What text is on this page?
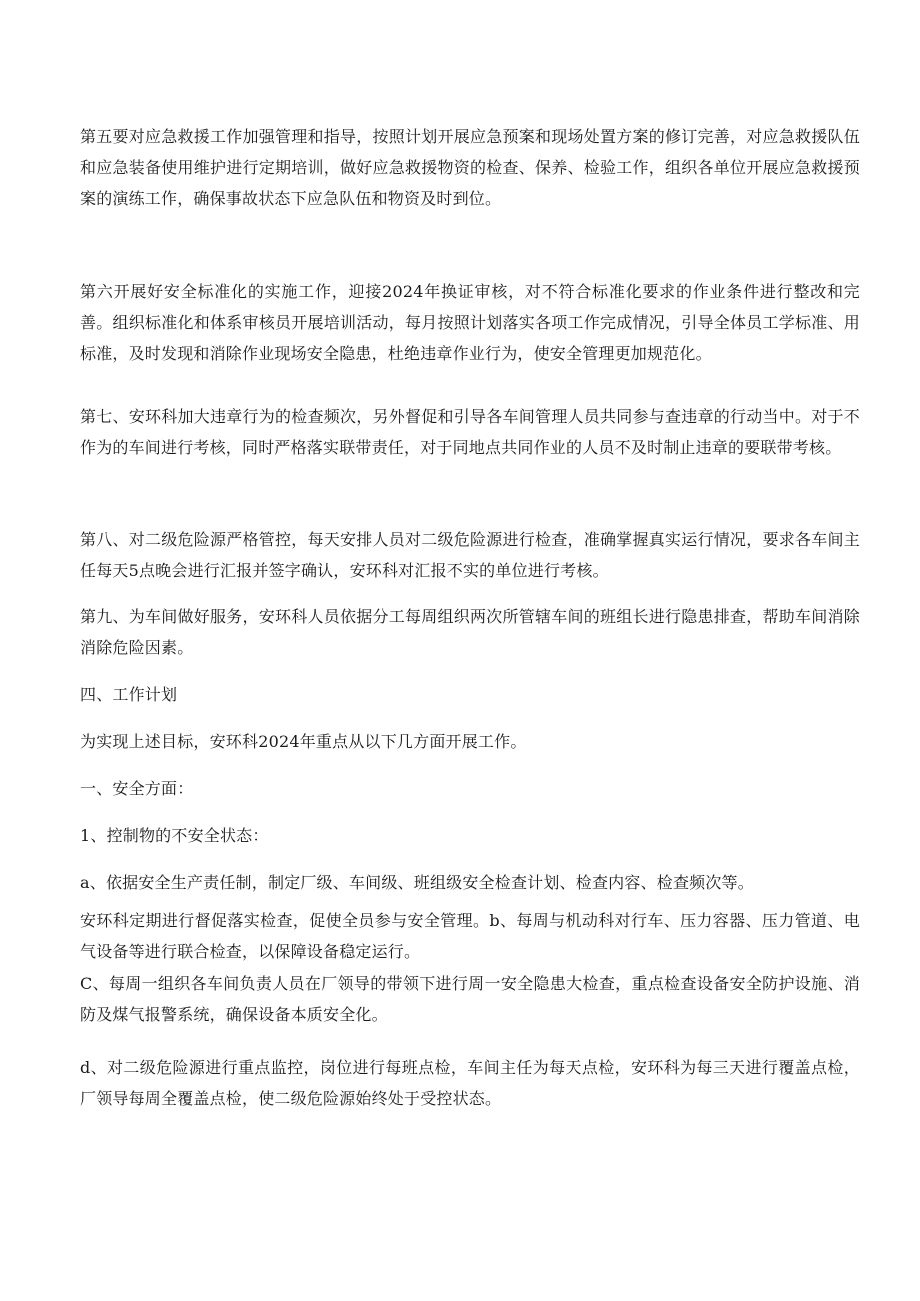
第五要对应急救援工作加强管理和指导，按照计划开展应急预案和现场处置方案的修订完善，对应急救援队伍和应急装备使用维护进行定期培训，做好应急救援物资的检查、保养、检验工作，组织各单位开展应急救援预案的演练工作，确保事故状态下应急队伍和物资及时到位。

第六开展好安全标准化的实施工作，迎接2024年换证审核，对不符合标准化要求的作业条件进行整改和完善。组织标准化和体系审核员开展培训活动，每月按照计划落实各项工作完成情况，引导全体员工学标准、用标准，及时发现和消除作业现场安全隐患，杜绝违章作业行为，使安全管理更加规范化。

第七、安环科加大违章行为的检查频次，另外督促和引导各车间管理人员共同参与查违章的行动当中。对于不作为的车间进行考核，同时严格落实联带责任，对于同地点共同作业的人员不及时制止违章的要联带考核。

第八、对二级危险源严格管控，每天安排人员对二级危险源进行检查，准确掌握真实运行情况，要求各车间主任每天5点晚会进行汇报并签字确认，安环科对汇报不实的单位进行考核。

第九、为车间做好服务，安环科人员依据分工每周组织两次所管辖车间的班组长进行隐患排查，帮助车间消除消除危险因素。

四、工作计划

为实现上述目标，安环科2024年重点从以下几方面开展工作。

一、安全方面：

1、控制物的不安全状态：

a、依据安全生产责任制，制定厂级、车间级、班组级安全检查计划、检查内容、检查频次等。

安环科定期进行督促落实检查，促使全员参与安全管理。b、每周与机动科对行车、压力容器、压力管道、电气设备等进行联合检查，以保障设备稳定运行。

C、每周一组织各车间负责人员在厂领导的带领下进行周一安全隐患大检查，重点检查设备安全防护设施、消防及煤气报警系统，确保设备本质安全化。

d、对二级危险源进行重点监控，岗位进行每班点检，车间主任为每天点检，安环科为每三天进行覆盖点检，厂领导每周全覆盖点检，使二级危险源始终处于受控状态。
